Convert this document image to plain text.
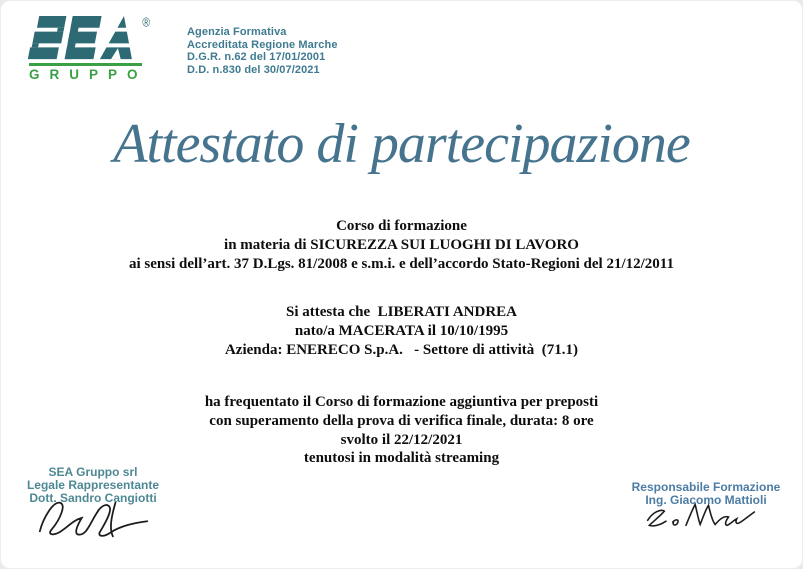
®
GRUPPO
Agenzia Formativa
Accreditata Regione Marche
D.G.R. n.62 del 17/01/2001
D.D. n.830 del 30/07/2021
Attestato di partecipazione
Corso di formazione
in materia di SICUREZZA SUI LUOGHI DI LAVORO
ai sensi dell’art. 37 D.Lgs. 81/2008 e s.m.i. e dell’accordo Stato-Regioni del 21/12/2011
Si attesta che  LIBERATI ANDREA
nato/a MACERATA il 10/10/1995
Azienda: ENERECO S.p.A.   - Settore di attività  (71.1)
ha frequentato il Corso di formazione aggiuntiva per preposti
con superamento della prova di verifica finale, durata: 8 ore
svolto il 22/12/2021
tenutosi in modalità streaming
SEA Gruppo srl
Legale Rappresentante
Dott. Sandro Cangiotti
Responsabile Formazione
Ing. Giacomo Mattioli
